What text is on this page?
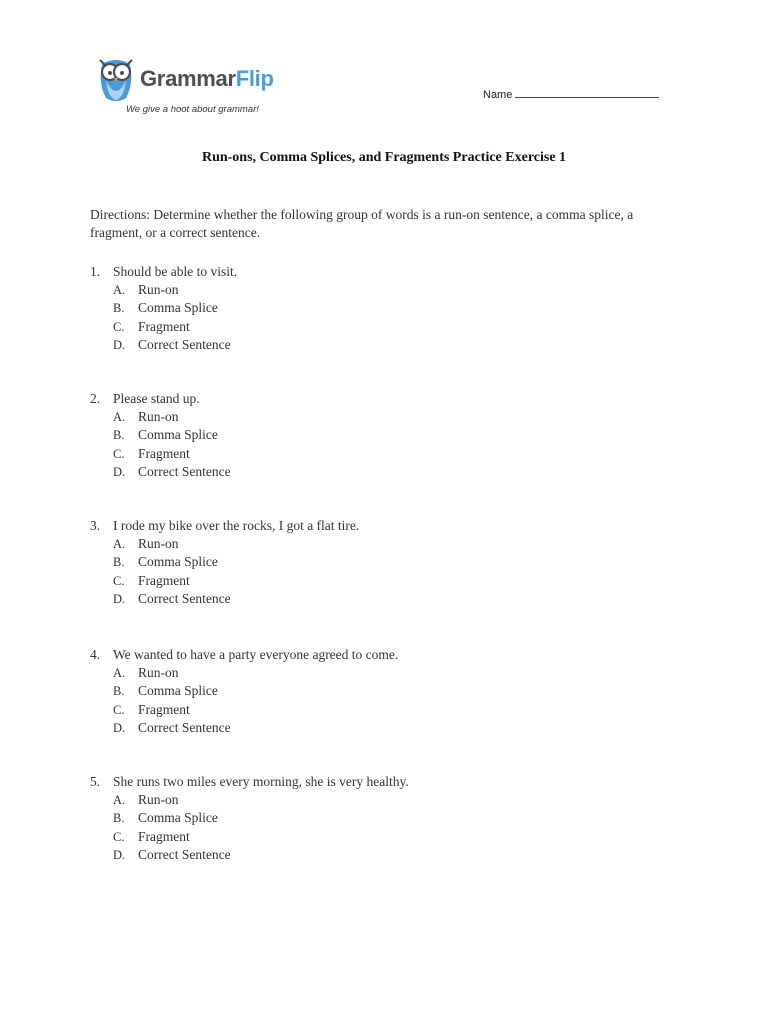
GrammarFlip
We give a hoot about grammar!
Name
Run-ons, Comma Splices, and Fragments Practice Exercise 1
Directions: Determine whether the following group of words is a run-on sentence, a comma splice, a fragment, or a correct sentence.
1. Should be able to visit.
A. Run-on
B. Comma Splice
C. Fragment
D. Correct Sentence
2. Please stand up.
A. Run-on
B. Comma Splice
C. Fragment
D. Correct Sentence
3. I rode my bike over the rocks, I got a flat tire.
A. Run-on
B. Comma Splice
C. Fragment
D. Correct Sentence
4. We wanted to have a party everyone agreed to come.
A. Run-on
B. Comma Splice
C. Fragment
D. Correct Sentence
5. She runs two miles every morning, she is very healthy.
A. Run-on
B. Comma Splice
C. Fragment
D. Correct Sentence
